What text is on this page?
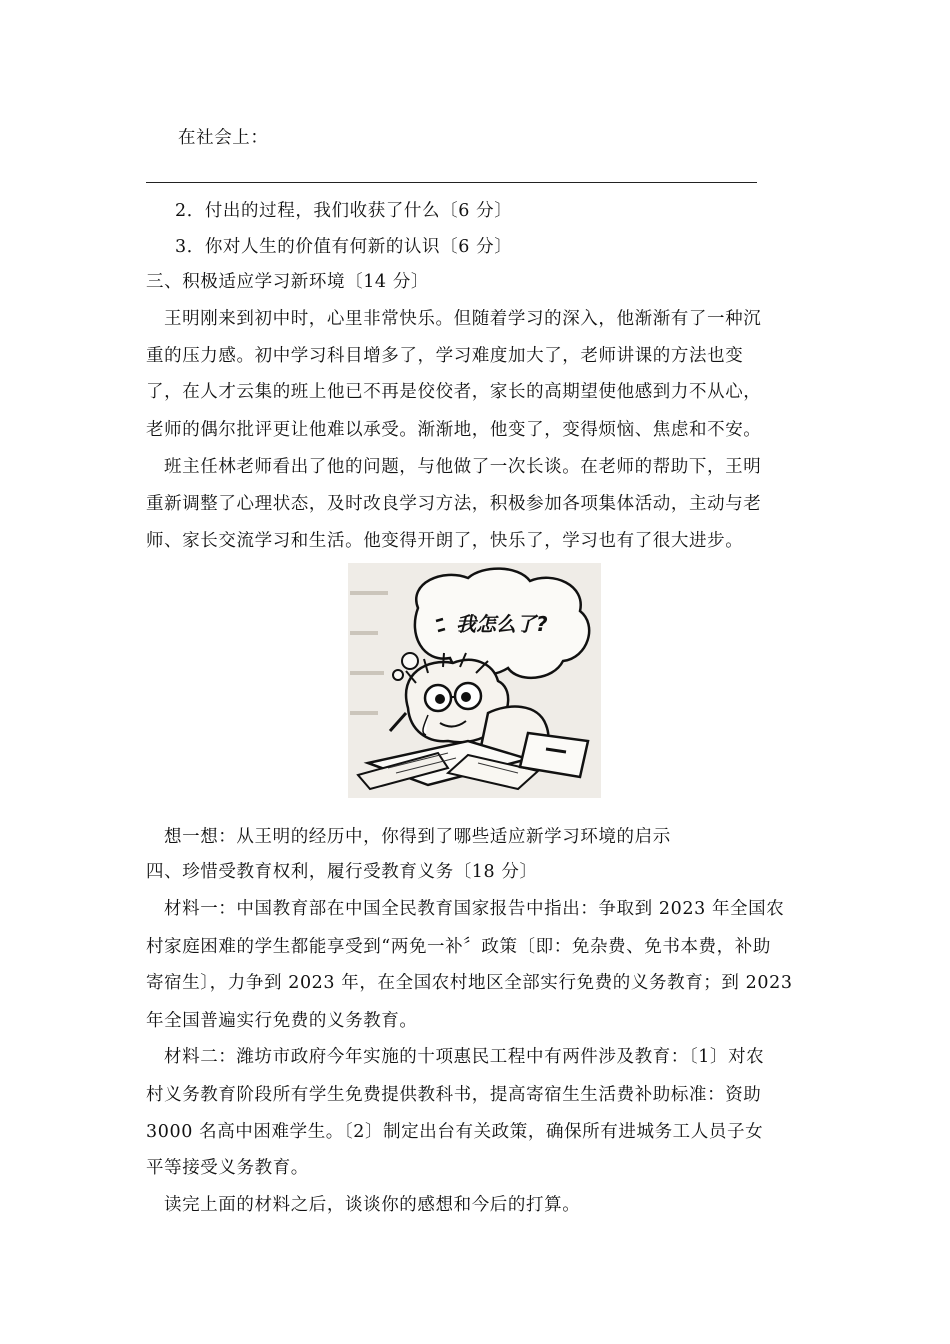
在社会上：
2．付出的过程，我们收获了什么〔6 分〕
3．你对人生的价值有何新的认识〔6 分〕
三、积极适应学习新环境〔14 分〕
王明刚来到初中时，心里非常快乐。但随着学习的深入，他渐渐有了一种沉
重的压力感。初中学习科目增多了，学习难度加大了，老师讲课的方法也变
了，在人才云集的班上他已不再是佼佼者，家长的高期望使他感到力不从心，
老师的偶尔批评更让他难以承受。渐渐地，他变了，变得烦恼、焦虑和不安。
班主任林老师看出了他的问题，与他做了一次长谈。在老师的帮助下，王明
重新调整了心理状态，及时改良学习方法，积极参加各项集体活动，主动与老
师、家长交流学习和生活。他变得开朗了，快乐了，学习也有了很大进步。
我怎么了?
想一想：从王明的经历中，你得到了哪些适应新学习环境的启示
四、珍惜受教育权利，履行受教育义务〔18 分〕
材料一：中国教育部在中国全民教育国家报告中指出：争取到 2023 年全国农
村家庭困难的学生都能享受到“两免一补〞政策〔即：免杂费、免书本费，补助
寄宿生〕，力争到 2023 年，在全国农村地区全部实行免费的义务教育；到 2023
年全国普遍实行免费的义务教育。
材料二：潍坊市政府今年实施的十项惠民工程中有两件涉及教育：〔1〕对农
村义务教育阶段所有学生免费提供教科书，提高寄宿生生活费补助标准：资助
3000 名高中困难学生。〔2〕制定出台有关政策，确保所有进城务工人员子女
平等接受义务教育。
读完上面的材料之后，谈谈你的感想和今后的打算。
